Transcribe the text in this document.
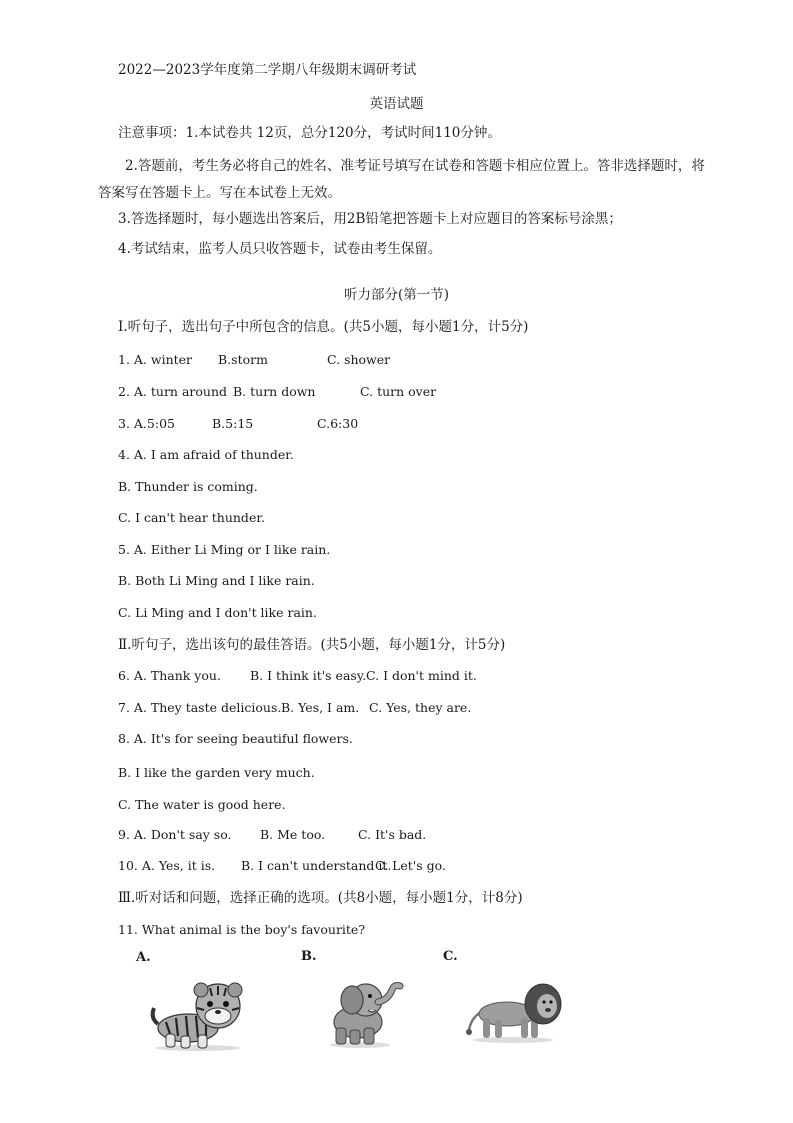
2022—2023学年度第二学期八年级期末调研考试
英语试题
注意事项：1.本试卷共 12页，总分120分，考试时间110分钟。
2.答题前，考生务必将自己的姓名、准考证号填写在试卷和答题卡相应位置上。答非选择题时，将
答案写在答题卡上。写在本试卷上无效。
3.答选择题时，每小题选出答案后，用2B铅笔把答题卡上对应题目的答案标号涂黑；
4.考试结束，监考人员只收答题卡，试卷由考生保留。
听力部分(第一节)
Ⅰ.听句子，选出句子中所包含的信息。(共5小题，每小题1分，计5分)
1. A. winter B.storm	C. shower
2. A. turn around B. turn down	C. turn over
3. A.5:05	B.5:15	C.6:30
4. A. I am afraid of thunder.
B. Thunder is coming.
C. I can't hear thunder.
5. A. Either Li Ming or I like rain.
B. Both Li Ming and I like rain.
C. Li Ming and I don't like rain.
Ⅱ.听句子，选出该句的最佳答语。(共5小题，每小题1分，计5分)
6. A. Thank you. B. I think it's easy. C. I don't mind it.
7. A. They taste delicious. B. Yes, I am. C. Yes, they are.
8. A. It's for seeing beautiful flowers.
B. I like the garden very much.
C. The water is good here.
9. A. Don't say so. B. Me too.	C. It's bad.
10. A. Yes, it is. B. I can't understand it.
C. Let's go.
Ⅲ.听对话和问题，选择正确的选项。(共8小题，每小题1分，计8分)
11. What animal is the boy's favourite?
A.	B.	C.
